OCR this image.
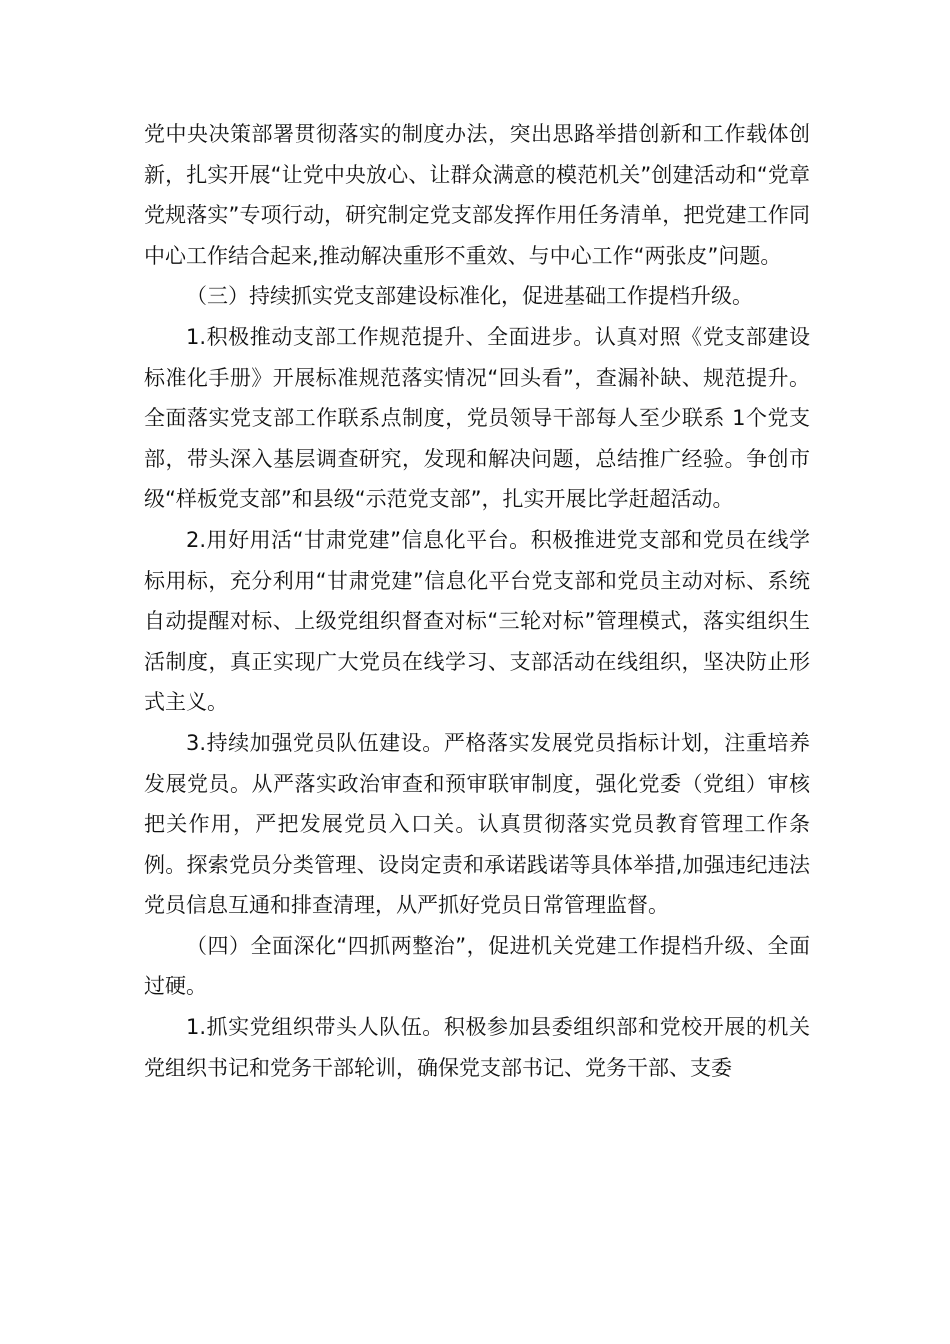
党中央决策部署贯彻落实的制度办法，突出思路举措创新和工作载体创新，扎实开展“让党中央放心、让群众满意的模范机关”创建活动和“党章党规落实”专项行动，研究制定党支部发挥作用任务清单，把党建工作同中心工作结合起来,推动解决重形不重效、与中心工作“两张皮”问题。

（三）持续抓实党支部建设标准化，促进基础工作提档升级。

1.积极推动支部工作规范提升、全面进步。认真对照《党支部建设标准化手册》开展标准规范落实情况“回头看”，查漏补缺、规范提升。全面落实党支部工作联系点制度，党员领导干部每人至少联系 1个党支部，带头深入基层调查研究，发现和解决问题，总结推广经验。争创市级“样板党支部”和县级“示范党支部”，扎实开展比学赶超活动。

2.用好用活“甘肃党建”信息化平台。积极推进党支部和党员在线学标用标，充分利用“甘肃党建”信息化平台党支部和党员主动对标、系统自动提醒对标、上级党组织督查对标“三轮对标”管理模式，落实组织生活制度，真正实现广大党员在线学习、支部活动在线组织，坚决防止形式主义。

3.持续加强党员队伍建设。严格落实发展党员指标计划，注重培养发展党员。从严落实政治审查和预审联审制度，强化党委（党组）审核把关作用，严把发展党员入口关。认真贯彻落实党员教育管理工作条例。探索党员分类管理、设岗定责和承诺践诺等具体举措,加强违纪违法党员信息互通和排查清理，从严抓好党员日常管理监督。

（四）全面深化“四抓两整治”，促进机关党建工作提档升级、全面过硬。

1.抓实党组织带头人队伍。积极参加县委组织部和党校开展的机关党组织书记和党务干部轮训，确保党支部书记、党务干部、支委
